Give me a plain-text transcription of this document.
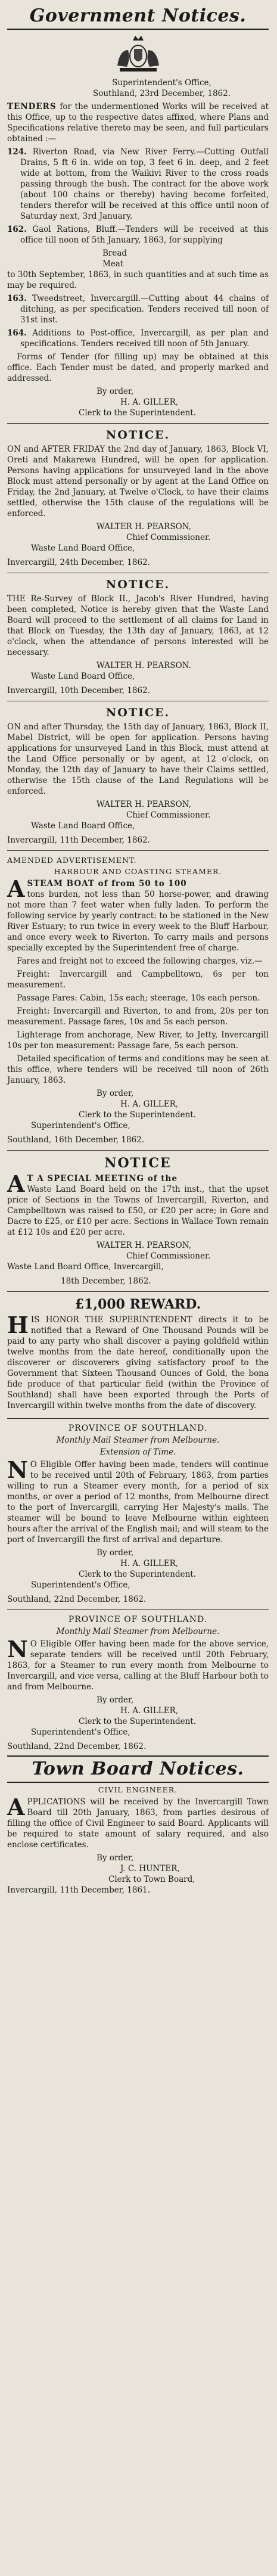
Government Notices.
Superintendent's Office,
Southland, 23rd December, 1862.

TENDERS for the undermentioned Works will be received at this Office, up to the respective dates affixed, where Plans and Specifications relative thereto may be seen, and full particulars obtained :—

124. Riverton Road, via New River Ferry.—Cutting Outfall Drains, 5 ft 6 in. wide on top, 3 feet 6 in. deep, and 2 feet wide at bottom, from the Waikivi River to the cross roads passing through the bush. The contract for the above work (about 100 chains or thereby) having become forfeited, tenders therefor will be received at this office until noon of Saturday next, 3rd January.
162. Gaol Rations, Bluff.—Tenders will be received at this office till noon of 5th January, 1863, for supplying
Bread
Meat

to 30th September, 1863, in such quantities and at such time as may be required.

163. Tweedstreet, Invercargill.—Cutting about 44 chains of ditching, as per specification. Tenders received till noon of 31st inst.
164. Additions to Post-office, Invercargill, as per plan and specifications. Tenders received till noon of 5th January.

Forms of Tender (for filling up) may be obtained at this office. Each Tender must be dated, and properly marked and addressed.

By order,
H. A. GILLER,
Clerk to the Superintendent.
NOTICE.

ON and AFTER FRIDAY the 2nd day of January, 1863, Block VI, Oreti and Makarewa Hundred, will be open for application. Persons having applications for unsurveyed land in the above Block must attend personally or by agent at the Land Office on Friday, the 2nd January, at Twelve o'Clock, to have their claims settled, otherwise the 15th clause of the regulations will be enforced.

WALTER H. PEARSON,
Chief Commissioner.
Waste Land Board Office,
Invercargill, 24th December, 1862.
NOTICE.

THE Re-Survey of Block II., Jacob's River Hundred, having been completed, Notice is hereby given that the Waste Land Board will proceed to the settlement of all claims for Land in that Block on Tuesday, the 13th day of January, 1863, at 12 o'clock, when the attendance of persons interested will be necessary.

WALTER H. PEARSON.
Waste Land Board Office,
Invercargill, 10th December, 1862.
NOTICE.

ON and after Thursday, the 15th day of January, 1863, Block II, Mabel District, will be open for application. Persons having applications for unsurveyed Land in this Block, must attend at the Land Office personally or by agent, at 12 o'clock, on Monday, the 12th day of January to have their Claims settled, otherwise the 15th clause of the Land Regulations will be enforced.

WALTER H. PEARSON,
Chief Commissioner.
Waste Land Board Office,
Invercargill, 11th December, 1862.
AMENDED ADVERTISEMENT.
HARBOUR AND COASTING STEAMER.
A STEAM BOAT of from 50 to 100

tons burden, not less than 50 horse-power, and drawing not more than 7 feet water when fully laden. To perform the following service by yearly contract: to be stationed in the New River Estuary; to run twice in every week to the Bluff Harbour, and once every week to Riverton. To carry mails and persons specially excepted by the Superintendent free of charge.

Fares and freight not to exceed the following charges, viz.—

Freight: Invercargill and Campbelltown, 6s per ton measurement.

Passage Fares: Cabin, 15s each; steerage, 10s each person.

Freight: Invercargill and Riverton, to and from, 20s per ton measurement. Passage fares, 10s and 5s each person.

Lighterage from anchorage, New River, to Jetty, Invercargill 10s per ton measurement: Passage fare, 5s each person.

Detailed specification of terms and conditions may be seen at this office, where tenders will be received till noon of 26th January, 1863.

By order,
H. A. GILLER,
Clerk to the Superintendent.
Superintendent's Office,
Southland, 16th December, 1862.
NOTICE
A T A SPECIAL MEETING of the

Waste Land Board held on the 17th inst., that the upset price of Sections in the Towns of Invercargill, Riverton, and Campbelltown was raised to £50, or £20 per acre; in Gore and Dacre to £25, or £10 per acre. Sections in Wallace Town remain at £12 10s and £20 per acre.

WALTER H. PEARSON,
Chief Commissioner.
Waste Land Board Office, Invercargill,
18th December, 1862.
£1,000 REWARD.
H IS HONOR THE SUPERINTENDENT directs it to be notified that a Reward of One Thousand Pounds will be paid to any party who shall discover a paying goldfield within twelve months from the date hereof, conditionally upon the discoverer or discoverers giving satisfactory proof to the Government that Sixteen Thousand Ounces of Gold, the bona fide produce of that particular field (within the Province of Southland) shall have been exported through the Ports of Invercargill within twelve months from the date of discovery.

PROVINCE OF SOUTHLAND.
Monthly Mail Steamer from Melbourne.
Extension of Time.
N O Eligible Offer having been made, tenders will continue to be received until 20th of February, 1863, from parties willing to run a Steamer every month, for a period of six months, or over a period of 12 months, from Melbourne direct to the port of Invercargill, carrying Her Majesty's mails. The steamer will be bound to leave Melbourne within eighteen hours after the arrival of the English mail; and will steam to the port of Invercargill the first of arrival and departure.

By order,
H. A. GILLER,
Clerk to the Superintendent.
Superintendent's Office,
Southland, 22nd December, 1862.
PROVINCE OF SOUTHLAND.
Monthly Mail Steamer from Melbourne.
N O Eligible Offer having been made for the above service, separate tenders will be received until 20th February, 1863, for a Steamer to run every month from Melbourne to Invercargill, and vice versa, calling at the Bluff Harbour both to and from Melbourne.

By order,
H. A. GILLER,
Clerk to the Superintendent.
Superintendent's Office,
Southland, 22nd December, 1862.
Town Board Notices.
CIVIL ENGINEER.
A PPLICATIONS will be received by the Invercargill Town Board till 20th January, 1863, from parties desirous of filling the office of Civil Engineer to said Board. Applicants will be required to state amount of salary required, and also enclose certificates.

By order,
J. C. HUNTER,
Clerk to Town Board,
Invercargill, 11th December, 1861.
